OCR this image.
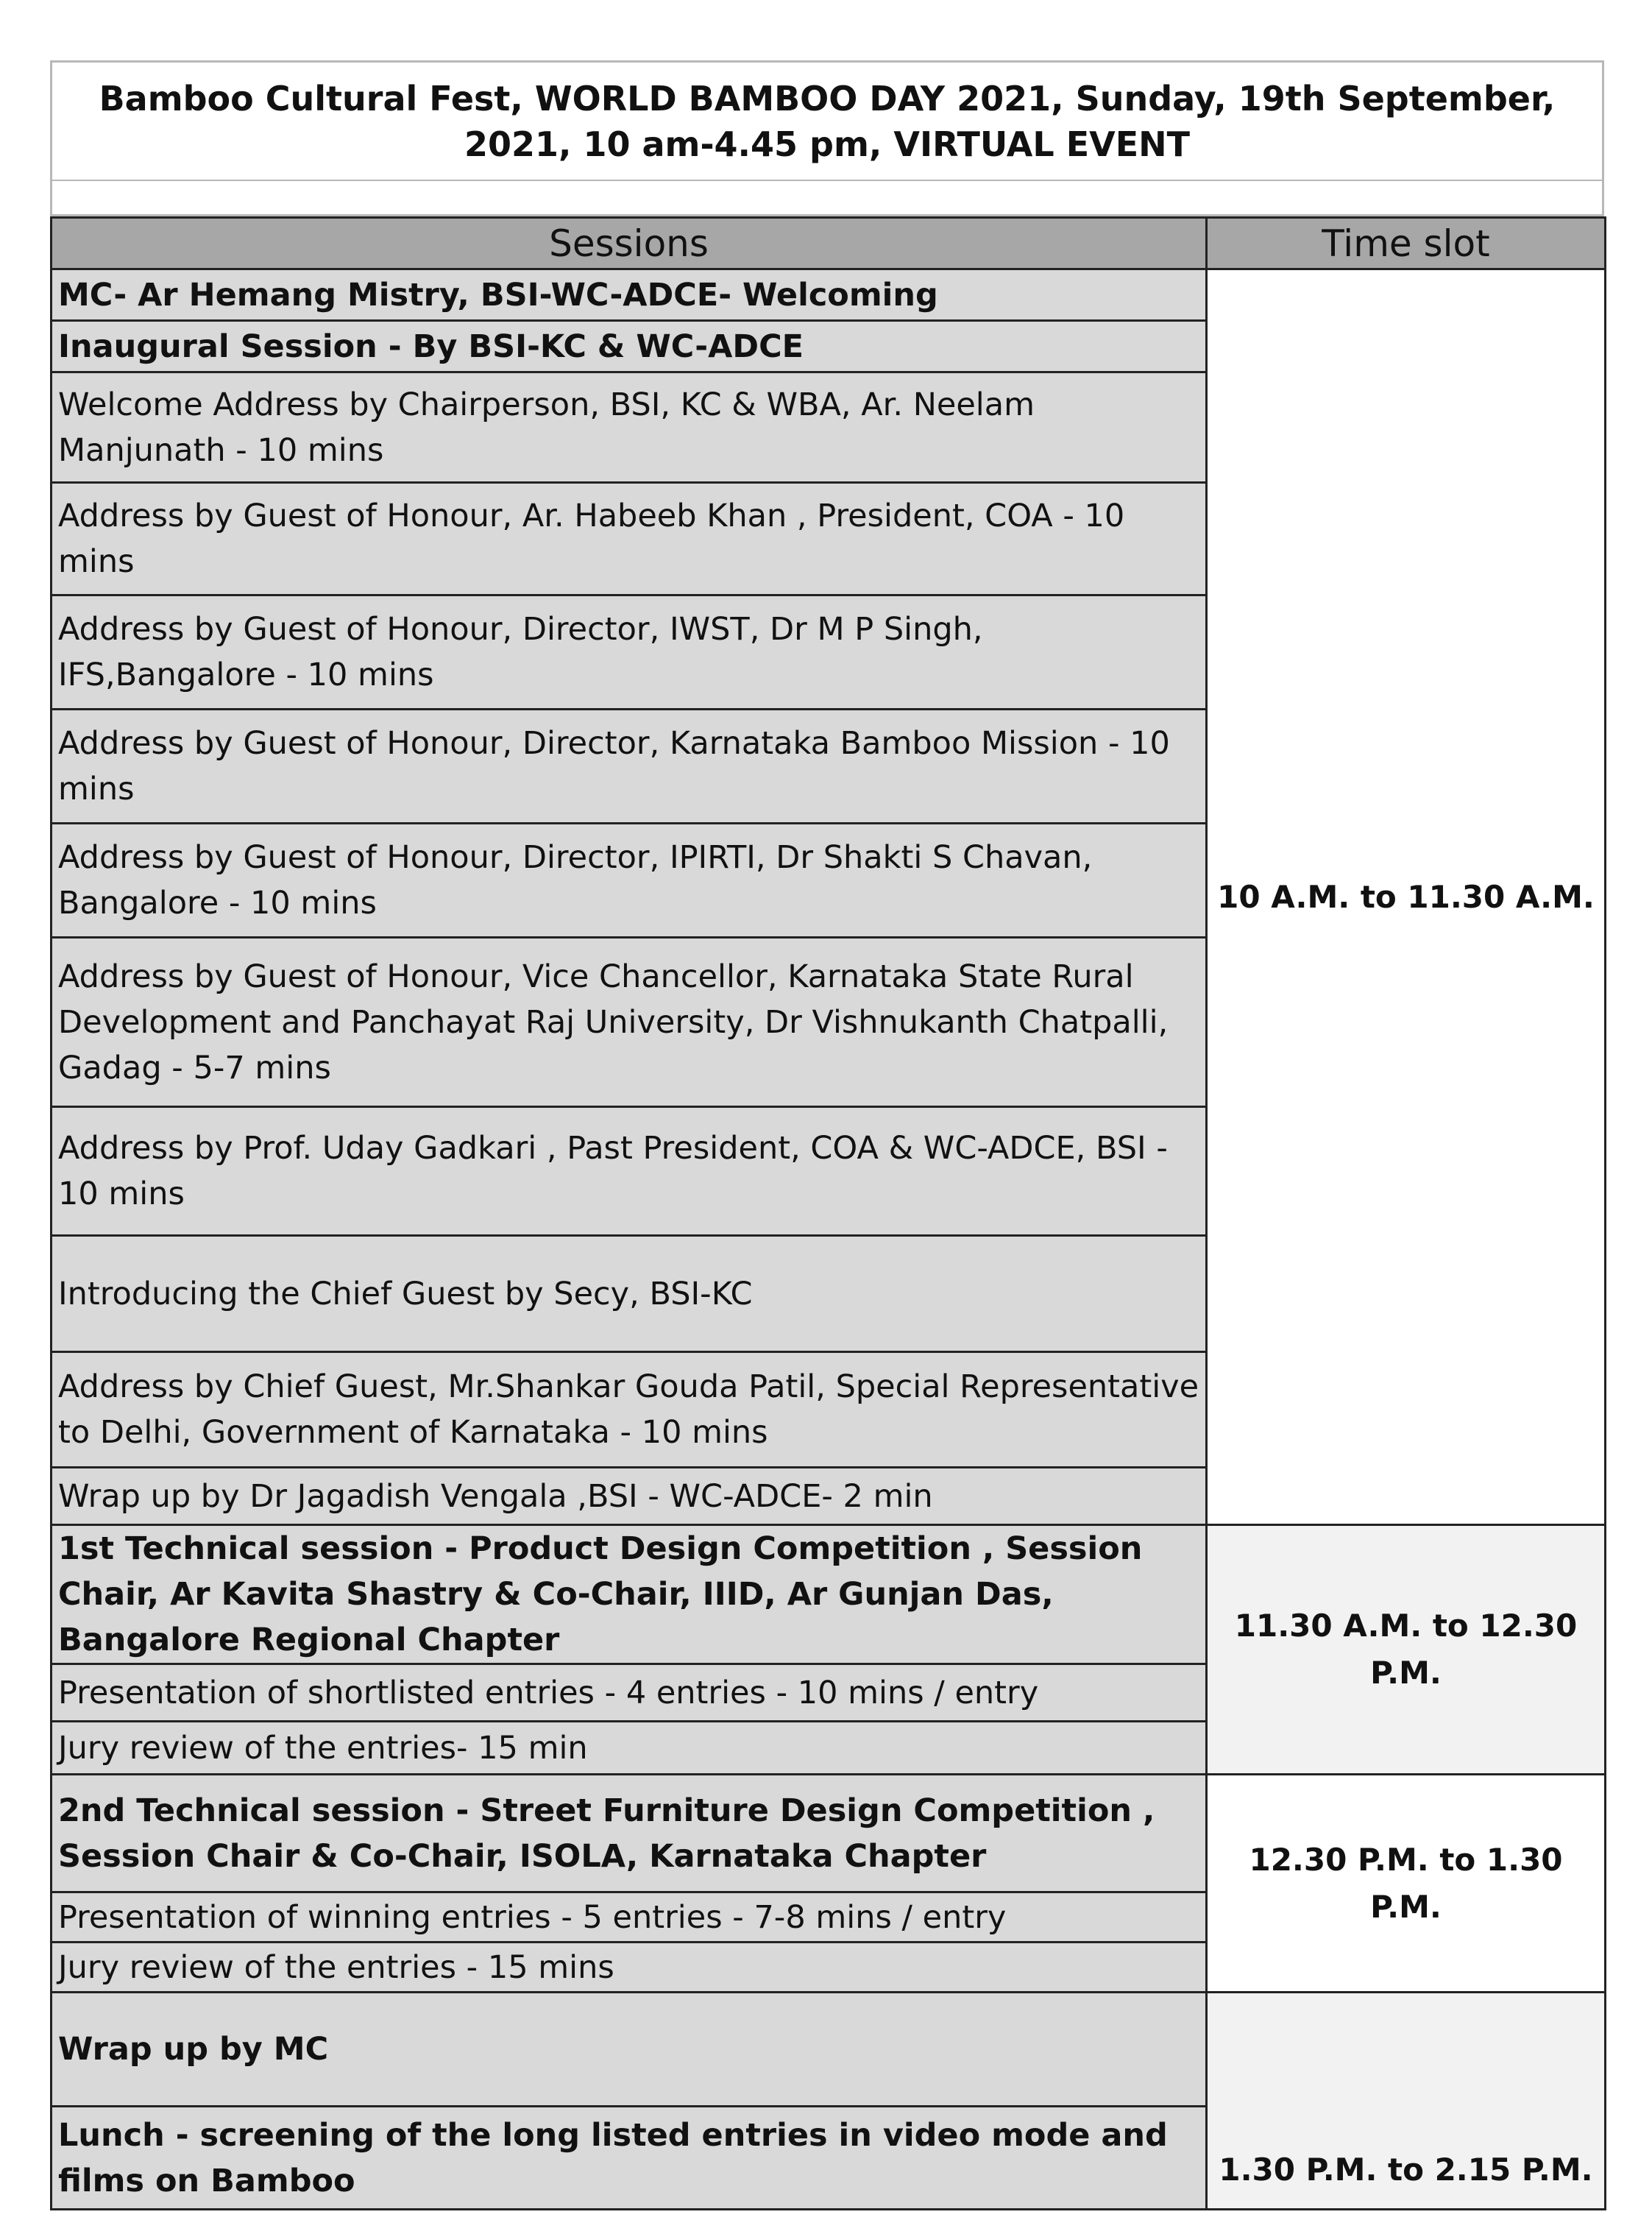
Bamboo Cultural Fest, WORLD BAMBOO DAY 2021, Sunday, 19th September,
2021, 10 am-4.45 pm, VIRTUAL EVENT
Sessions	Time slot
MC- Ar Hemang Mistry, BSI-WC-ADCE- Welcoming	10 A.M. to 11.30 A.M.
Inaugural Session - By BSI-KC & WC-ADCE	
Welcome Address by Chairperson, BSI, KC & WBA, Ar. Neelam Manjunath - 10 mins	
Address by Guest of Honour, Ar. Habeeb Khan , President, COA - 10 mins	
Address by Guest of Honour, Director, IWST, Dr M P Singh, IFS,Bangalore - 10 mins	
Address by Guest of Honour, Director, Karnataka Bamboo Mission - 10 mins	
Address by Guest of Honour, Director, IPIRTI, Dr Shakti S Chavan, Bangalore - 10 mins	
Address by Guest of Honour, Vice Chancellor, Karnataka State Rural Development and Panchayat Raj University, Dr Vishnukanth Chatpalli, Gadag - 5-7 mins	
Address by Prof. Uday Gadkari , Past President, COA & WC-ADCE, BSI - 10 mins	
Introducing the Chief Guest by Secy, BSI-KC	
Address by Chief Guest, Mr.Shankar Gouda Patil, Special Representative to Delhi, Government of Karnataka - 10 mins	
Wrap up by Dr Jagadish Vengala ,BSI - WC-ADCE- 2 min	
1st Technical session - Product Design Competition , Session Chair, Ar Kavita Shastry & Co-Chair, IIID, Ar Gunjan Das, Bangalore Regional Chapter	11.30 A.M. to 12.30 P.M.
Presentation of shortlisted entries - 4 entries - 10 mins / entry	
Jury review of the entries- 15 min	
2nd Technical session - Street Furniture Design Competition , Session Chair & Co-Chair, ISOLA, Karnataka Chapter	12.30 P.M. to 1.30 P.M.
Presentation of winning entries - 5 entries - 7-8 mins / entry	
Jury review of the entries - 15 mins	
Wrap up by MC	1.30 P.M. to 2.15 P.M.
Lunch - screening of the long listed entries in video mode and films on Bamboo	
